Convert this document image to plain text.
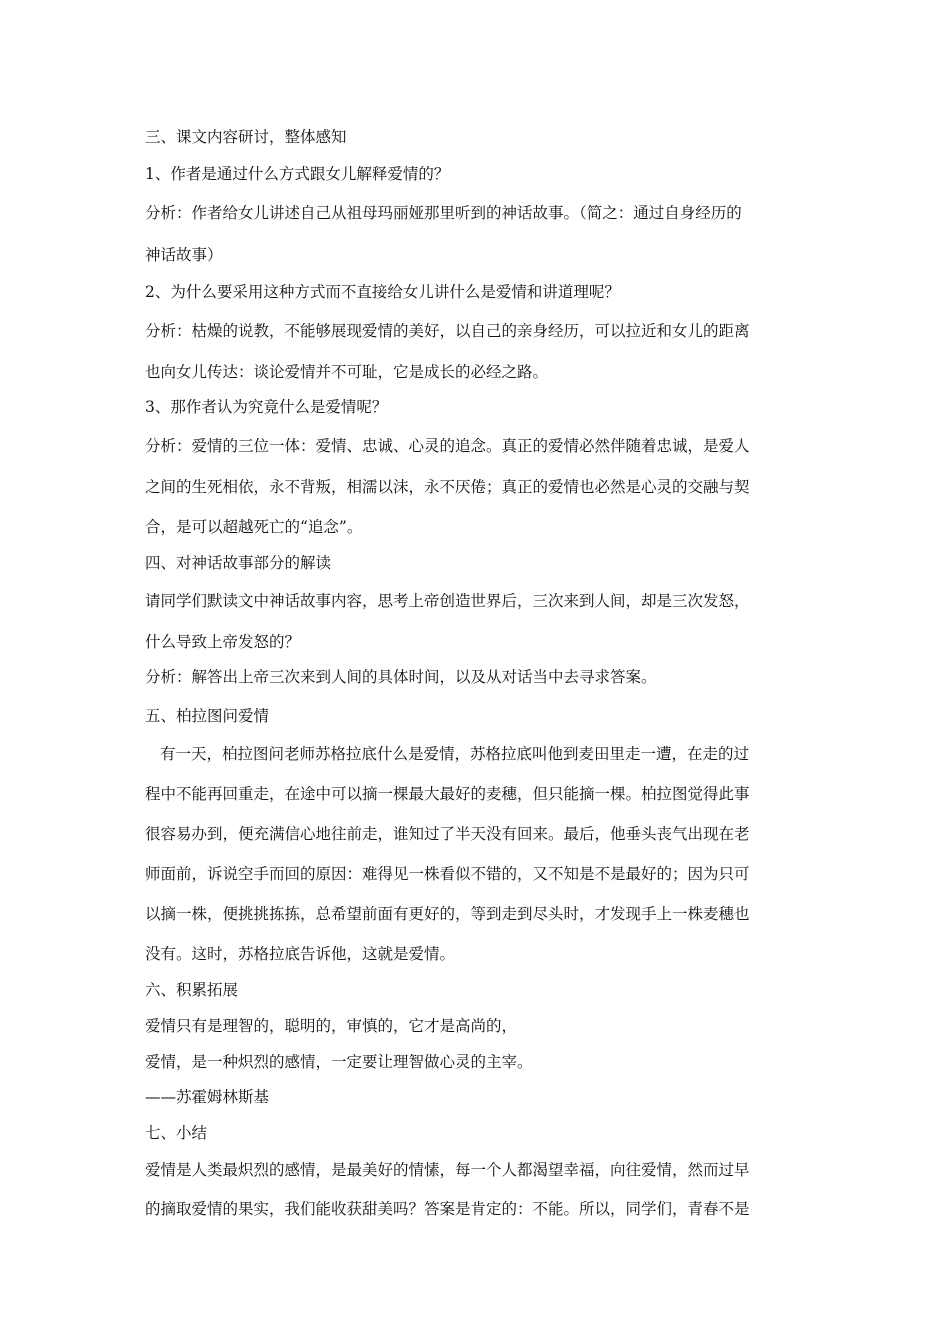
三、课文内容研讨，整体感知
1、作者是通过什么方式跟女儿解释爱情的？
分析：作者给女儿讲述自己从祖母玛丽娅那里听到的神话故事。（简之：通过自身经历的
神话故事）
2、为什么要采用这种方式而不直接给女儿讲什么是爱情和讲道理呢？
分析：枯燥的说教，不能够展现爱情的美好，以自己的亲身经历，可以拉近和女儿的距离
也向女儿传达：谈论爱情并不可耻，它是成长的必经之路。
3、那作者认为究竟什么是爱情呢？
分析：爱情的三位一体：爱情、忠诚、心灵的追念。真正的爱情必然伴随着忠诚，是爱人
之间的生死相依，永不背叛，相濡以沫，永不厌倦；真正的爱情也必然是心灵的交融与契
合，是可以超越死亡的“追念”。
四、对神话故事部分的解读
请同学们默读文中神话故事内容，思考上帝创造世界后，三次来到人间，却是三次发怒，
什么导致上帝发怒的？
分析：解答出上帝三次来到人间的具体时间，以及从对话当中去寻求答案。
五、柏拉图问爱情
有一天，柏拉图问老师苏格拉底什么是爱情，苏格拉底叫他到麦田里走一遭，在走的过
程中不能再回重走，在途中可以摘一棵最大最好的麦穗，但只能摘一棵。柏拉图觉得此事
很容易办到，便充满信心地往前走，谁知过了半天没有回来。最后，他垂头丧气出现在老
师面前，诉说空手而回的原因：难得见一株看似不错的，又不知是不是最好的；因为只可
以摘一株，便挑挑拣拣，总希望前面有更好的，等到走到尽头时，才发现手上一株麦穗也
没有。这时，苏格拉底告诉他，这就是爱情。
六、积累拓展
爱情只有是理智的，聪明的，审慎的，它才是高尚的，
爱情，是一种炽烈的感情，一定要让理智做心灵的主宰。
——苏霍姆林斯基
七、小结
爱情是人类最炽烈的感情，是最美好的情愫，每一个人都渴望幸福，向往爱情，然而过早
的摘取爱情的果实，我们能收获甜美吗？答案是肯定的：不能。所以，同学们，青春不是
